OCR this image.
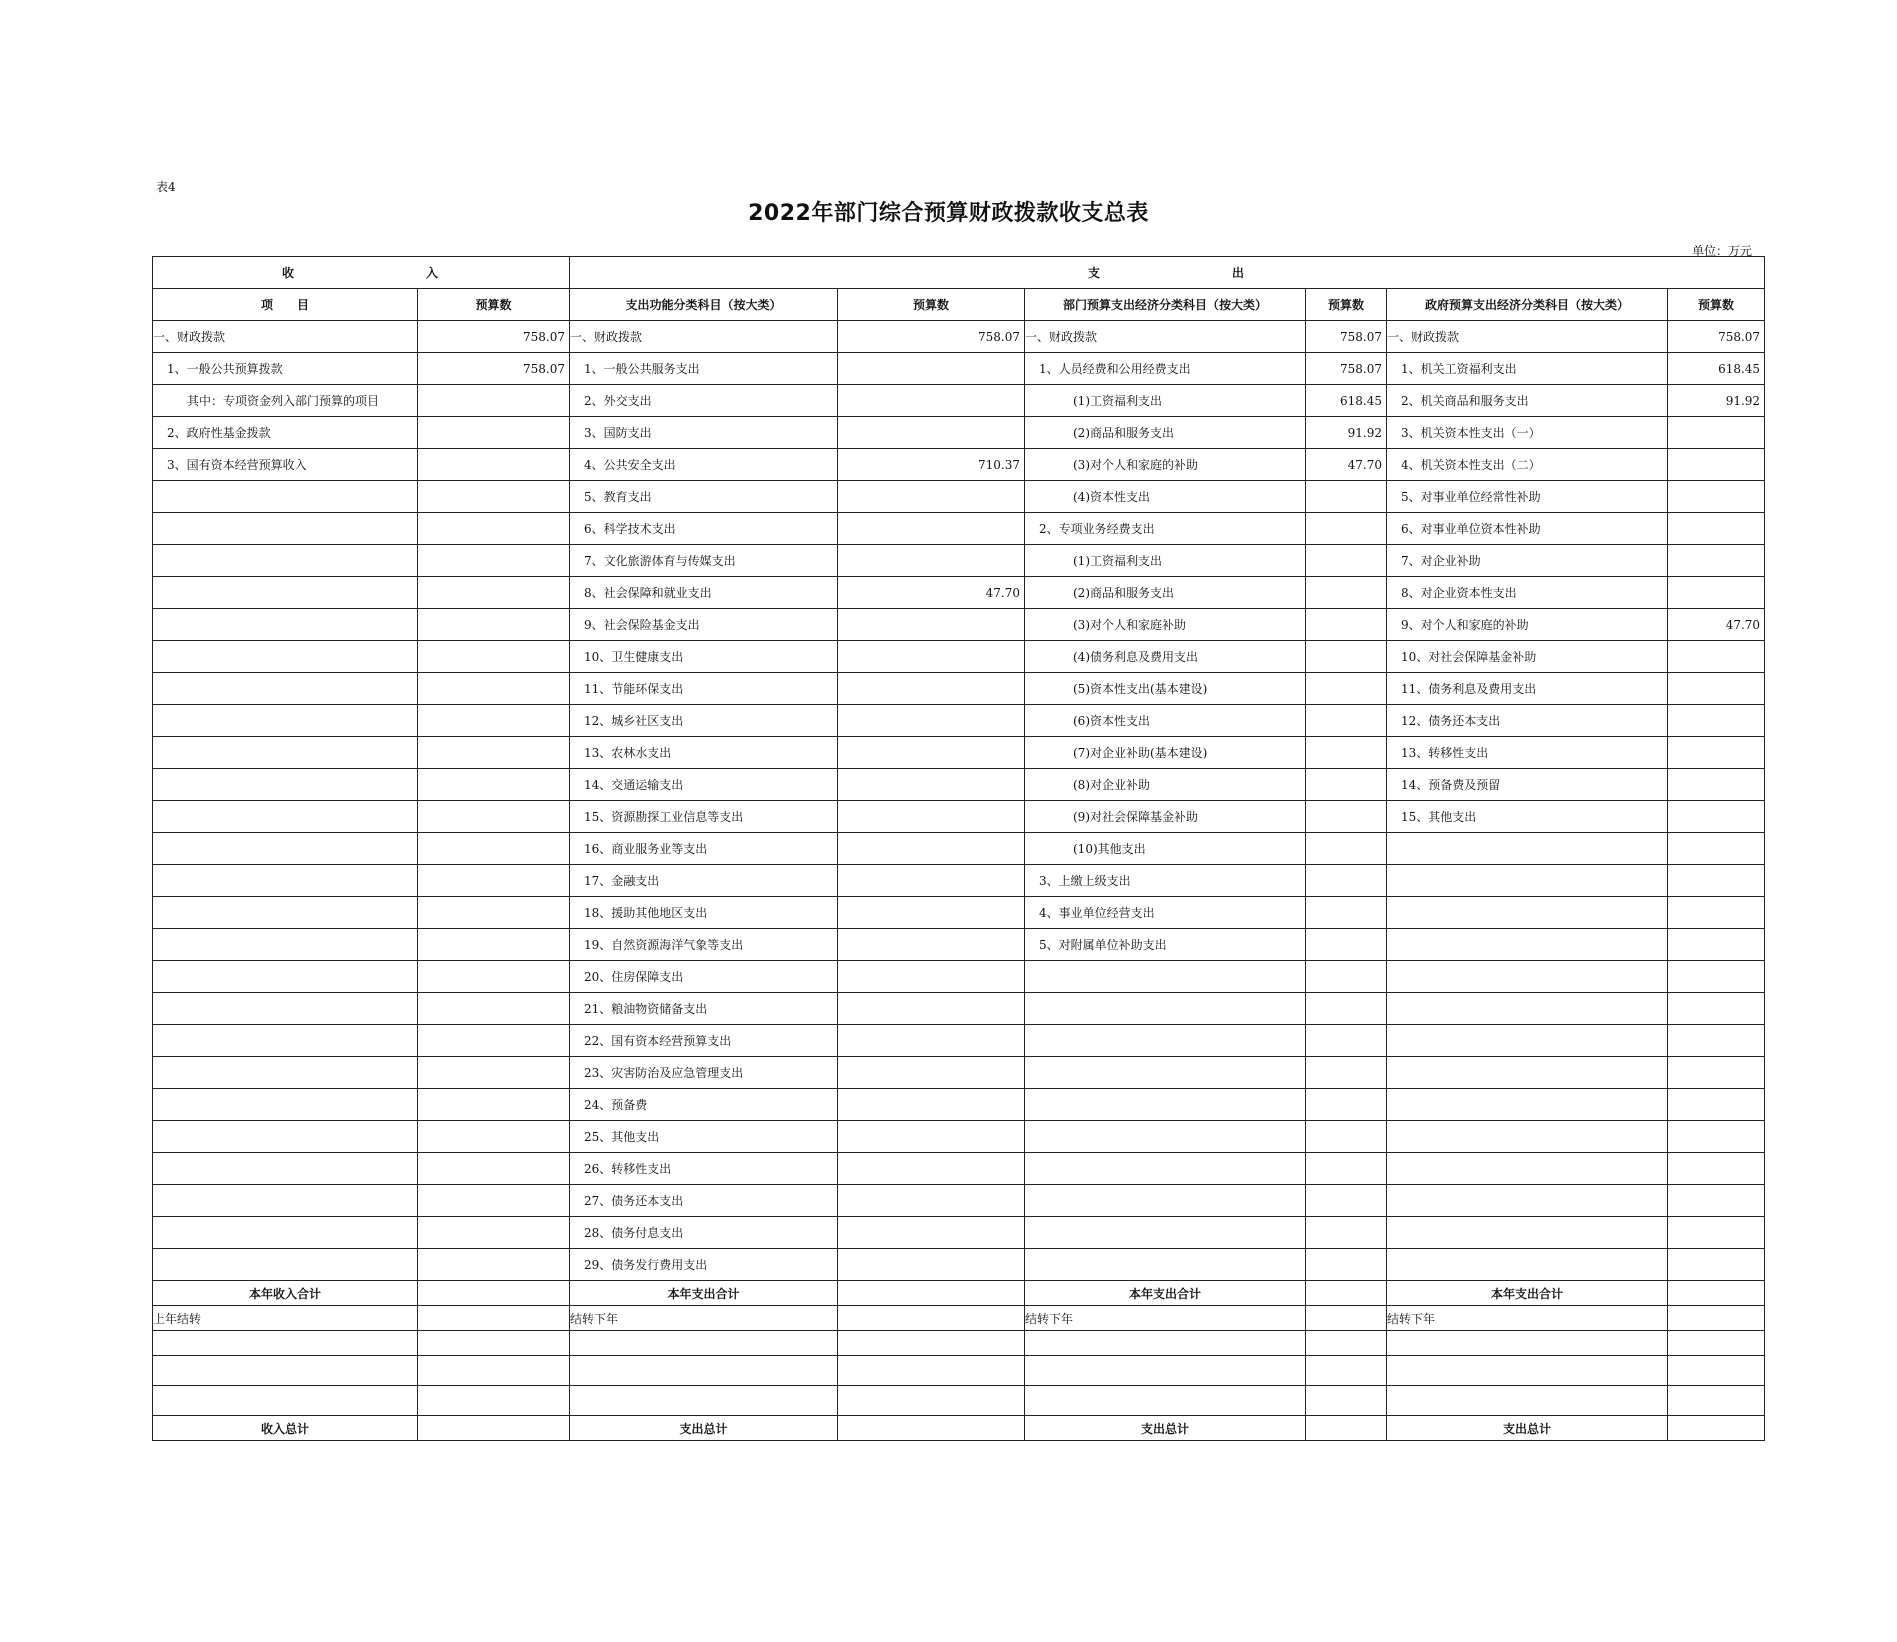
表4
2022年部门综合预算财政拨款收支总表
单位：万元
收 入		支 出					
项　　目	预算数	支出功能分类科目（按大类）	预算数	部门预算支出经济分类科目（按大类）	预算数	政府预算支出经济分类科目（按大类）	预算数
一、财政拨款	758.07	一、财政拨款	758.07	一、财政拨款	758.07	一、财政拨款	758.07
1、一般公共预算拨款	758.07	1、一般公共服务支出		1、人员经费和公用经费支出	758.07	1、机关工资福利支出	618.45
其中：专项资金列入部门预算的项目		2、外交支出		(1)工资福利支出	618.45	2、机关商品和服务支出	91.92
2、政府性基金拨款		3、国防支出		(2)商品和服务支出	91.92	3、机关资本性支出（一）	
3、国有资本经营预算收入		4、公共安全支出	710.37	(3)对个人和家庭的补助	47.70	4、机关资本性支出（二）	
		5、教育支出		(4)资本性支出		5、对事业单位经常性补助	
		6、科学技术支出		2、专项业务经费支出		6、对事业单位资本性补助	
		7、文化旅游体育与传媒支出		(1)工资福利支出		7、对企业补助	
		8、社会保障和就业支出	47.70	(2)商品和服务支出		8、对企业资本性支出	
		9、社会保险基金支出		(3)对个人和家庭补助		9、对个人和家庭的补助	47.70
		10、卫生健康支出		(4)债务利息及费用支出		10、对社会保障基金补助	
		11、节能环保支出		(5)资本性支出(基本建设)		11、债务利息及费用支出	
		12、城乡社区支出		(6)资本性支出		12、债务还本支出	
		13、农林水支出		(7)对企业补助(基本建设)		13、转移性支出	
		14、交通运输支出		(8)对企业补助		14、预备费及预留	
		15、资源勘探工业信息等支出		(9)对社会保障基金补助		15、其他支出	
		16、商业服务业等支出		(10)其他支出			
		17、金融支出		3、上缴上级支出			
		18、援助其他地区支出		4、事业单位经营支出			
		19、自然资源海洋气象等支出		5、对附属单位补助支出			
		20、住房保障支出					
		21、粮油物资储备支出					
		22、国有资本经营预算支出					
		23、灾害防治及应急管理支出					
		24、预备费					
		25、其他支出					
		26、转移性支出					
		27、债务还本支出					
		28、债务付息支出					
		29、债务发行费用支出					
本年收入合计		本年支出合计		本年支出合计		本年支出合计	
上年结转		结转下年		结转下年		结转下年	

收入总计		支出总计		支出总计		支出总计	
